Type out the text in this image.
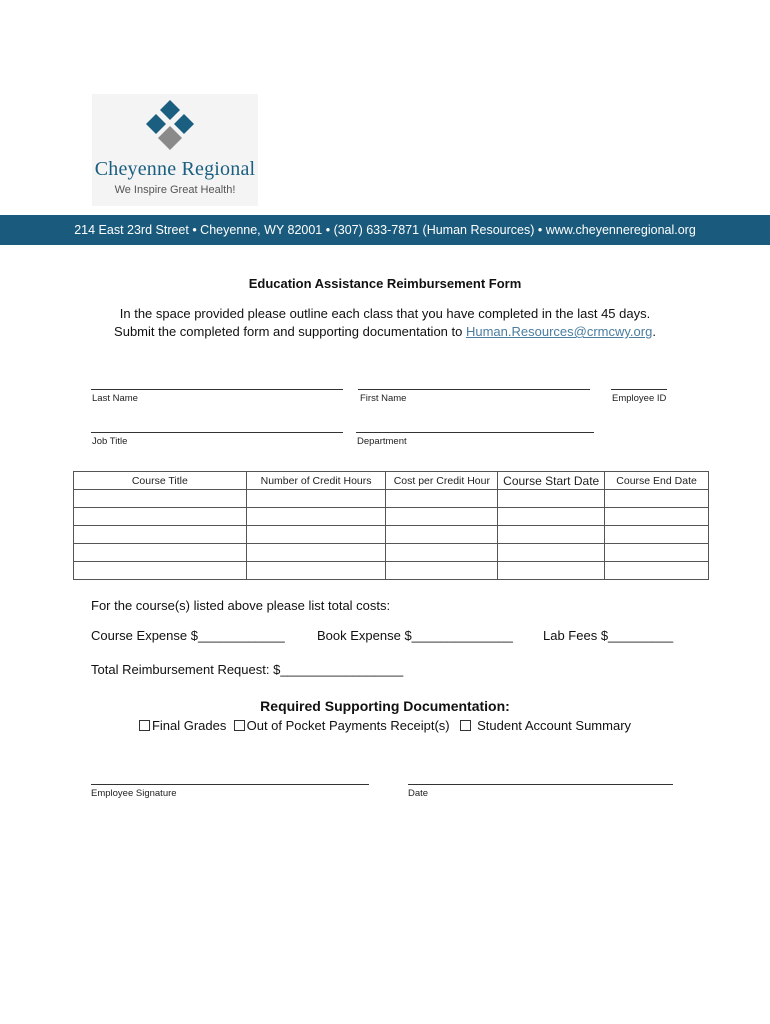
Cheyenne Regional
We Inspire Great Health!
214 East 23rd Street • Cheyenne, WY 82001 • (307) 633-7871 (Human Resources) • www.cheyenneregional.org
Education Assistance Reimbursement Form
In the space provided please outline each class that you have completed in the last 45 days.
Submit the completed form and supporting documentation to Human.Resources@crmcwy.org.
Last Name	First Name	Employee ID
Job Title	Department
Course Title	Number of Credit Hours	Cost per Credit Hour	Course Start Date	Course End Date

For the course(s) listed above please list total costs:
Course Expense $____________ Book Expense $______________ Lab Fees $_________
Total Reimbursement Request: $_________________
Required Supporting Documentation:
Final Grades Out of Pocket Payments Receipt(s) Student Account Summary
Employee Signature	Date
